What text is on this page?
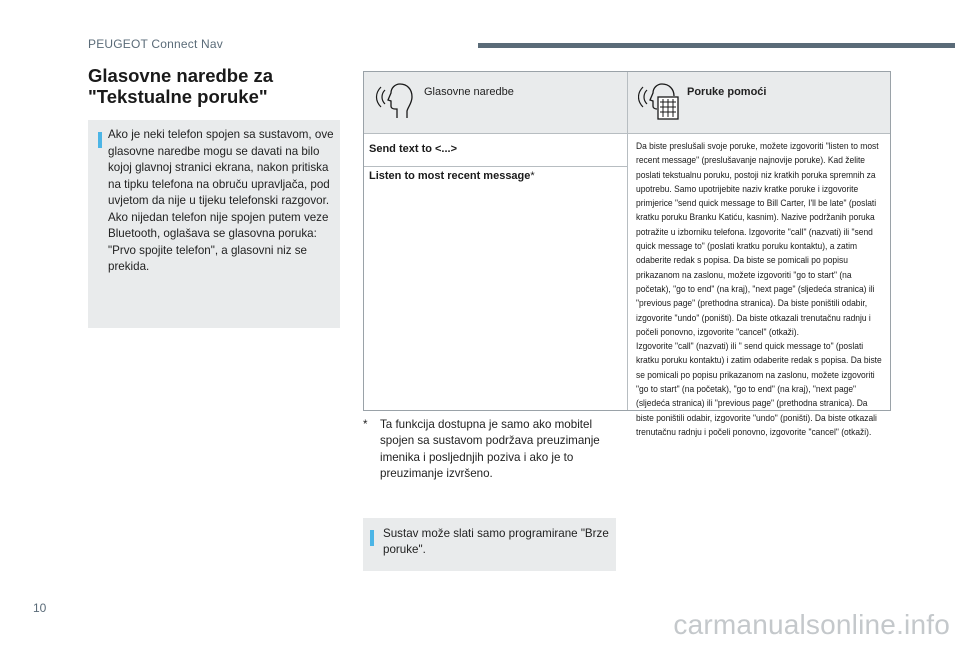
PEUGEOT Connect Nav
Glasovne naredbe za
"Tekstualne poruke"

Ako je neki telefon spojen sa sustavom, ove glasovne naredbe mogu se davati na bilo kojoj glavnoj stranici ekrana, nakon pritiska na tipku telefona na obruču upravljača, pod uvjetom da nije u tijeku telefonski razgovor.

Ako nijedan telefon nije spojen putem veze Bluetooth, oglašava se glasovna poruka: "Prvo spojite telefon", a glasovni niz se prekida.

Glasovne naredbe	Poruke pomoći
Send text to <...>
Listen to most recent message*

Da biste preslušali svoje poruke, možete izgovoriti "listen to most recent message" (preslušavanje najnovije poruke). Kad želite poslati tekstualnu poruku, postoji niz kratkih poruka spremnih za upotrebu. Samo upotrijebite naziv kratke poruke i izgovorite primjerice "send quick message to Bill Carter, I'll be late" (poslati kratku poruku Branku Katiću, kasnim). Nazive podržanih poruka potražite u izborniku telefona. Izgovorite "call" (nazvati) ili "send quick message to" (poslati kratku poruku kontaktu), a zatim odaberite redak s popisa. Da biste se pomicali po popisu prikazanom na zaslonu, možete izgovoriti "go to start" (na početak), "go to end" (na kraj), "next page" (sljedeća stranica) ili "previous page" (prethodna stranica). Da biste poništili odabir, izgovorite "undo" (poništi). Da biste otkazali trenutačnu radnju i počeli ponovno, izgovorite "cancel" (otkaži).

Izgovorite "call" (nazvati) ili " send quick message to" (poslati kratku poruku kontaktu) i zatim odaberite redak s popisa. Da biste se pomicali po popisu prikazanom na zaslonu, možete izgovoriti "go to start" (na početak), "go to end" (na kraj), "next page" (sljedeća stranica) ili "previous page" (prethodna stranica). Da biste poništili odabir, izgovorite "undo" (poništi). Da biste otkazali trenutačnu radnju i počeli ponovno, izgovorite "cancel" (otkaži).

* Ta funkcija dostupna je samo ako mobitel spojen sa sustavom podržava preuzimanje imenika i posljednjih poziva i ako je to preuzimanje izvršeno.
Sustav može slati samo programirane "Brze poruke".
10
carmanualsonline.info
